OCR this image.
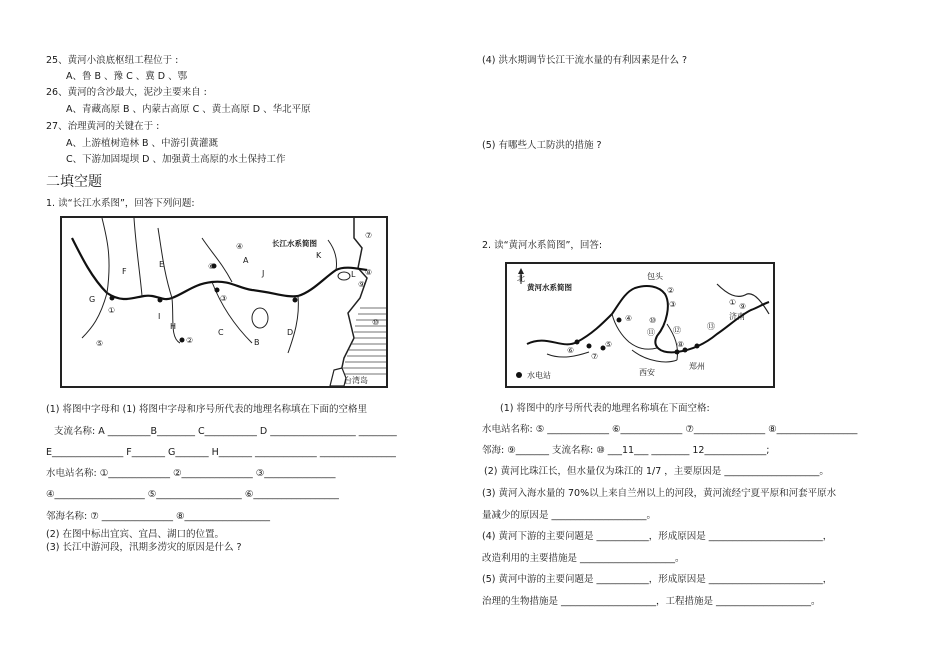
25、黄河小浪底枢纽工程位于 :
A、鲁 B 、豫 C 、冀 D 、鄂
26、黄河的含沙最大，泥沙主要来自 :
A、青藏高原 B 、内蒙古高原 C 、黄土高原 D 、华北平原
27、治理黄河的关键在于 :
A、上游植树造林 B 、中游引黄灌溉
C、下游加固堤坝 D 、加强黄土高原的水土保持工作
二填空题
1. 读“长江水系图”，回答下列问题:
长江水系简图
A
B
C	D
E
F
G
H
I
J
K
L
①
②
③
④
⑤
⑥
⑦
⑧
⑨
⑩
台湾岛
(1) 将图中字母和 (1) 将图中字母和序号所代表的地理名称填在下面的空格里
支流名称: A _________B________ C___________ D __________________ ________
E_______________ F_______ G_______ H_______ _____________ ________________
水电站名称: ①_____________ ②_______________ ③_______________
④___________________ ⑤__________________ ⑥__________________
邻海名称: ⑦ _______________ ⑧__________________
(2) 在图中标出宜宾、宜昌、湖口的位置。
(3) 长江中游河段，汛期多涝灾的原因是什么 ?
(4) 洪水期调节长江干流水量的有利因素是什么 ?
(5) 有哪些人工防洪的措施 ?
2. 读“黄河水系简图”，回答:
北
黄河水系简图
包头
济南
郑州
西安
水电站
①
②
③
④
⑤
⑥
⑦
⑧
⑨
⑩
⑪ ⑫	⑬
(1) 将图中的序号所代表的地理名称填在下面空格:
水电站名称: ⑤ _____________ ⑥_____________ ⑦_______________ ⑧_________________
邻海: ⑨_______ 支流名称: ⑩ ___11___ ________ 12_____________;
(2) 黄河比珠江长，但水量仅为珠江的 1/7 ，主要原因是 ____________________。
(3) 黄河入海水量的 70%以上来自兰州以上的河段，黄河流经宁夏平原和河套平原水
量减少的原因是 ____________________。
(4) 黄河下游的主要问题是 ___________，形成原因是 ________________________，
改造利用的主要措施是 ____________________。
(5) 黄河中游的主要问题是 ___________，形成原因是 ________________________，
治理的生物措施是 ____________________，工程措施是 ____________________。
